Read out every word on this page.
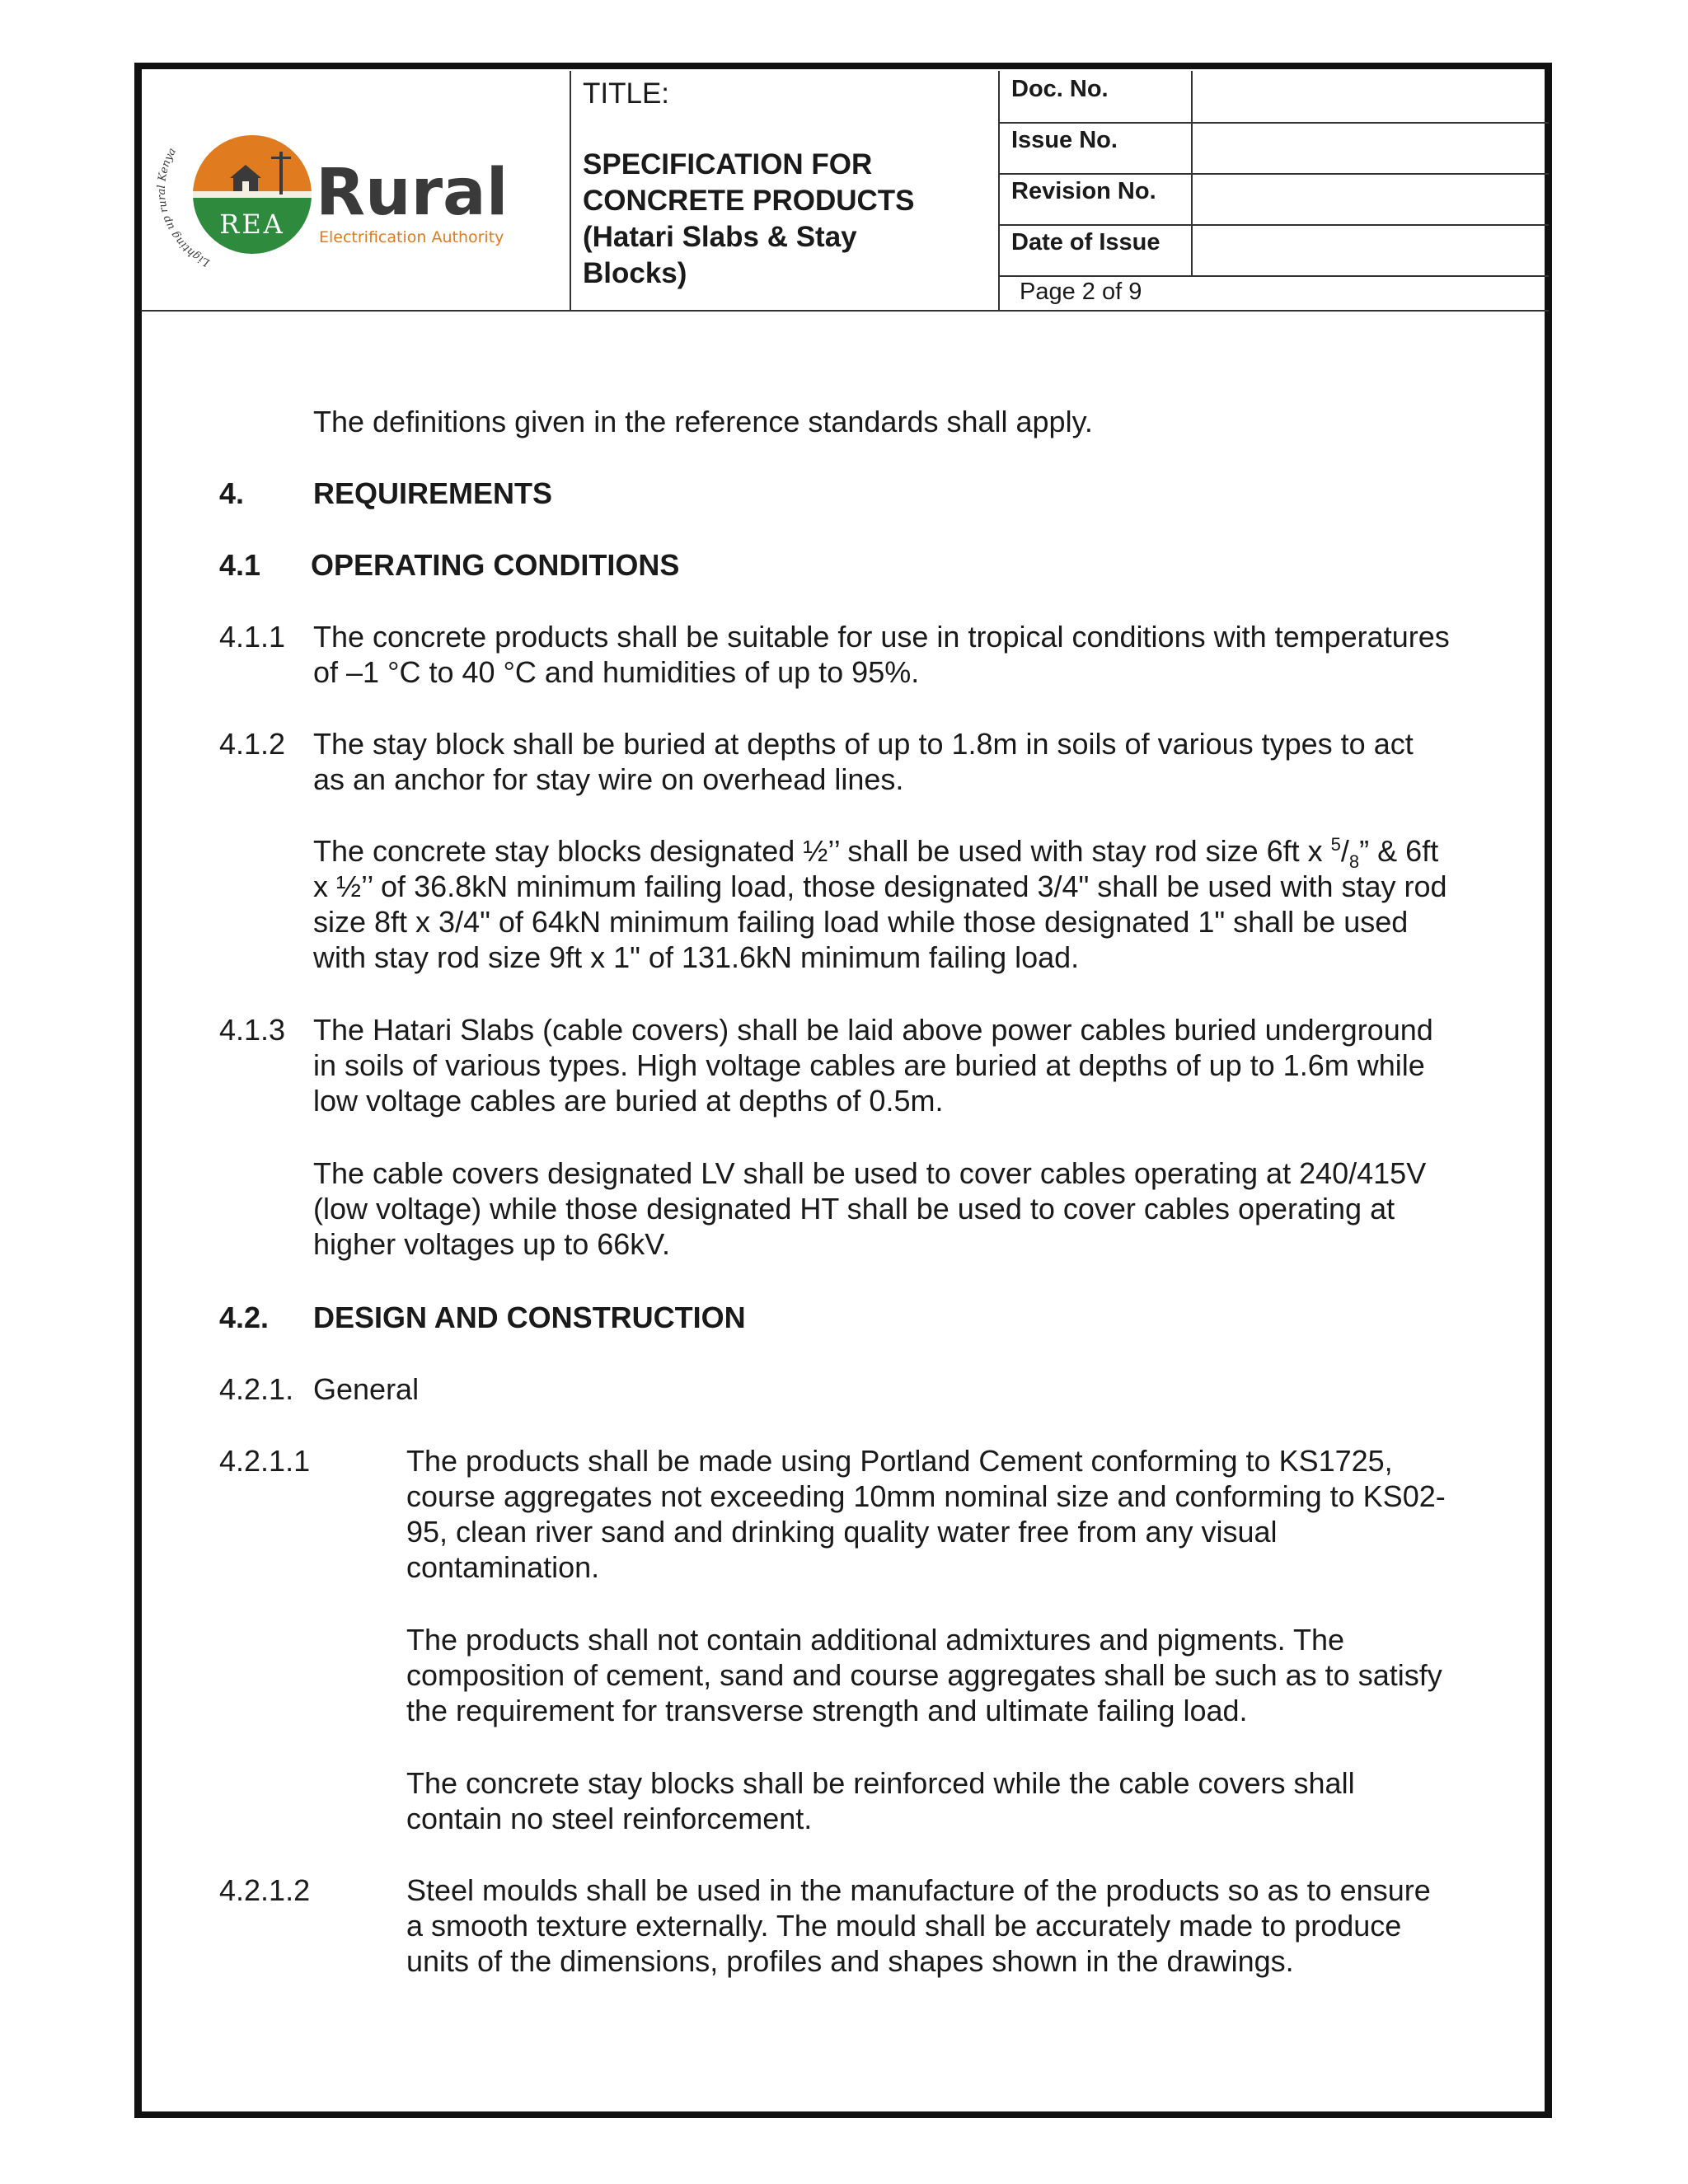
REA
Lighting up rural Kenya
Rural
Electrification Authority
TITLE:
SPECIFICATION FOR
CONCRETE PRODUCTS
(Hatari Slabs & Stay
Blocks)
Doc. No.
Issue No.
Revision No.
Date of Issue
Page 2 of 9
The definitions given in the reference standards shall apply.
4. REQUIREMENTS
4.1 OPERATING CONDITIONS
4.1.1 The concrete products shall be suitable for use in tropical conditions with temperatures
of –1 °C to 40 °C and humidities of up to 95%.
4.1.2 The stay block shall be buried at depths of up to 1.8m in soils of various types to act
as an anchor for stay wire on overhead lines.
The concrete stay blocks designated ½’’ shall be used with stay rod size 6ft x $^5/_8$” & 6ft
x ½’’ of 36.8kN minimum failing load, those designated 3/4" shall be used with stay rod
size 8ft x 3/4" of 64kN minimum failing load while those designated 1" shall be used
with stay rod size 9ft x 1" of 131.6kN minimum failing load.
4.1.3 The Hatari Slabs (cable covers) shall be laid above power cables buried underground
in soils of various types. High voltage cables are buried at depths of up to 1.6m while
low voltage cables are buried at depths of 0.5m.
The cable covers designated LV shall be used to cover cables operating at 240/415V
(low voltage) while those designated HT shall be used to cover cables operating at
higher voltages up to 66kV.
4.2. DESIGN AND CONSTRUCTION
4.2.1. General
4.2.1.1	The products shall be made using Portland Cement conforming to KS1725,
course aggregates not exceeding 10mm nominal size and conforming to KS02-
95, clean river sand and drinking quality water free from any visual
contamination.
The products shall not contain additional admixtures and pigments. The
composition of cement, sand and course aggregates shall be such as to satisfy
the requirement for transverse strength and ultimate failing load.
The concrete stay blocks shall be reinforced while the cable covers shall
contain no steel reinforcement.
4.2.1.2	Steel moulds shall be used in the manufacture of the products so as to ensure
a smooth texture externally. The mould shall be accurately made to produce
units of the dimensions, profiles and shapes shown in the drawings.
